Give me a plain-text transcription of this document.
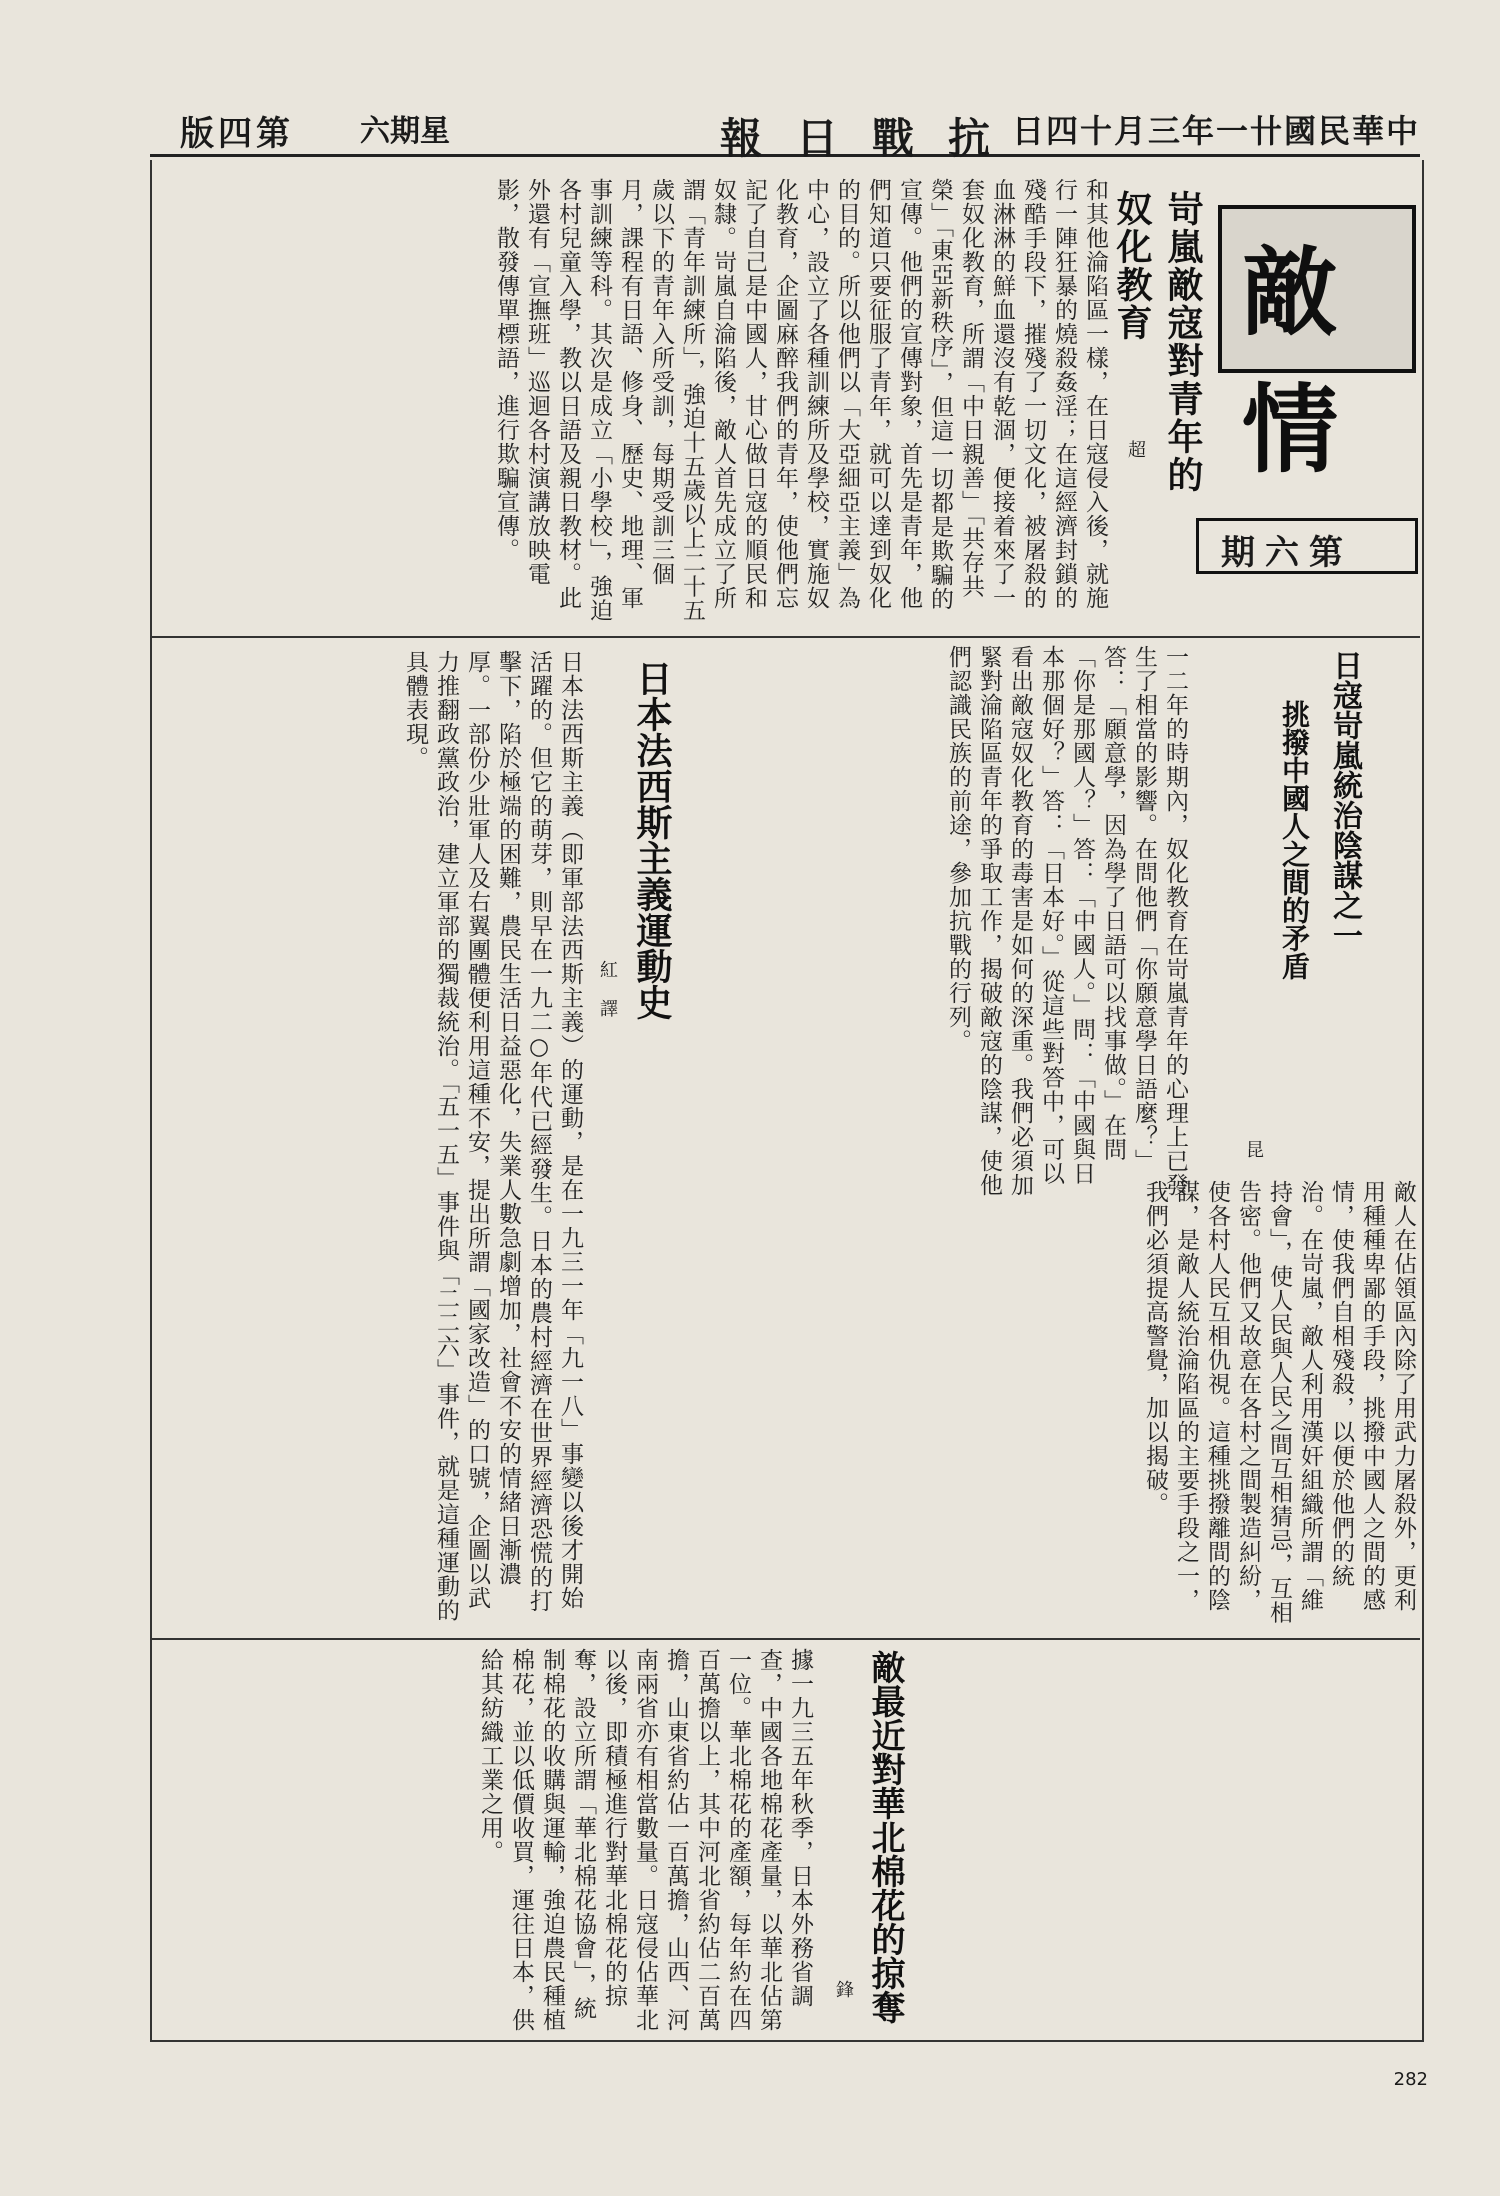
版四第 六期星	報日戰抗
日四十月三年一卄國民華中
敵情
期六第
岢嵐敵寇對青年的奴化教育
超
和其他淪陷區一樣，在日寇侵入後，就施行一陣狂暴的燒殺姦淫；在這經濟封鎖的殘酷手段下，摧殘了一切文化，被屠殺的血淋淋的鮮血還沒有乾涸，便接着來了一套奴化教育，所謂「中日親善」「共存共榮」「東亞新秩序」，但這一切都是欺騙的宣傳。他們的宣傳對象，首先是青年，他們知道只要征服了青年，就可以達到奴化的目的。所以他們以「大亞細亞主義」為中心，設立了各種訓練所及學校，實施奴化教育，企圖麻醉我們的青年，使他們忘記了自己是中國人，甘心做日寇的順民和奴隸。岢嵐自淪陷後，敵人首先成立了所謂「青年訓練所」，強迫十五歲以上二十五歲以下的青年入所受訓，每期受訓三個月，課程有日語、修身、歷史、地理、軍事訓練等科。其次是成立「小學校」，強迫各村兒童入學，教以日語及親日教材。此外還有「宣撫班」巡迴各村演講放映電影，散發傳單標語，進行欺騙宣傳。
一二年的時期內，奴化教育在岢嵐青年的心理上已發生了相當的影響。在問他們「你願意學日語麼？」答：「願意學，因為學了日語可以找事做。」在問「你是那國人？」答：「中國人。」問：「中國與日本那個好？」答：「日本好。」從這些對答中，可以看出敵寇奴化教育的毒害是如何的深重。我們必須加緊對淪陷區青年的爭取工作，揭破敵寇的陰謀，使他們認識民族的前途，參加抗戰的行列。	日寇岢嵐統治陰謀之一
挑撥中國人之間的矛盾
昆
敵人在佔領區內除了用武力屠殺外，更利用種種卑鄙的手段，挑撥中國人之間的感情，使我們自相殘殺，以便於他們的統治。在岢嵐，敵人利用漢奸組織所謂「維持會」，使人民與人民之間互相猜忌，互相告密。他們又故意在各村之間製造糾紛，使各村人民互相仇視。這種挑撥離間的陰謀，是敵人統治淪陷區的主要手段之一，我們必須提高警覺，加以揭破。
日本法西斯主義運動史
紅 譯
日本法西斯主義（即軍部法西斯主義）的運動，是在一九三一年「九一八」事變以後才開始活躍的。但它的萌芽，則早在一九二○年代已經發生。日本的農村經濟在世界經濟恐慌的打擊下，陷於極端的困難，農民生活日益惡化，失業人數急劇增加，社會不安的情緒日漸濃厚。一部份少壯軍人及右翼團體便利用這種不安，提出所謂「國家改造」的口號，企圖以武力推翻政黨政治，建立軍部的獨裁統治。「五一五」事件與「二二六」事件，就是這種運動的具體表現。
敵最近對華北棉花的掠奪
鋒
據一九三五年秋季，日本外務省調查，中國各地棉花產量，以華北佔第一位。華北棉花的產額，每年約在四百萬擔以上，其中河北省約佔二百萬擔，山東省約佔一百萬擔，山西、河南兩省亦有相當數量。日寇侵佔華北以後，即積極進行對華北棉花的掠奪，設立所謂「華北棉花協會」，統制棉花的收購與運輸，強迫農民種植棉花，並以低價收買，運往日本，供給其紡織工業之用。
282
